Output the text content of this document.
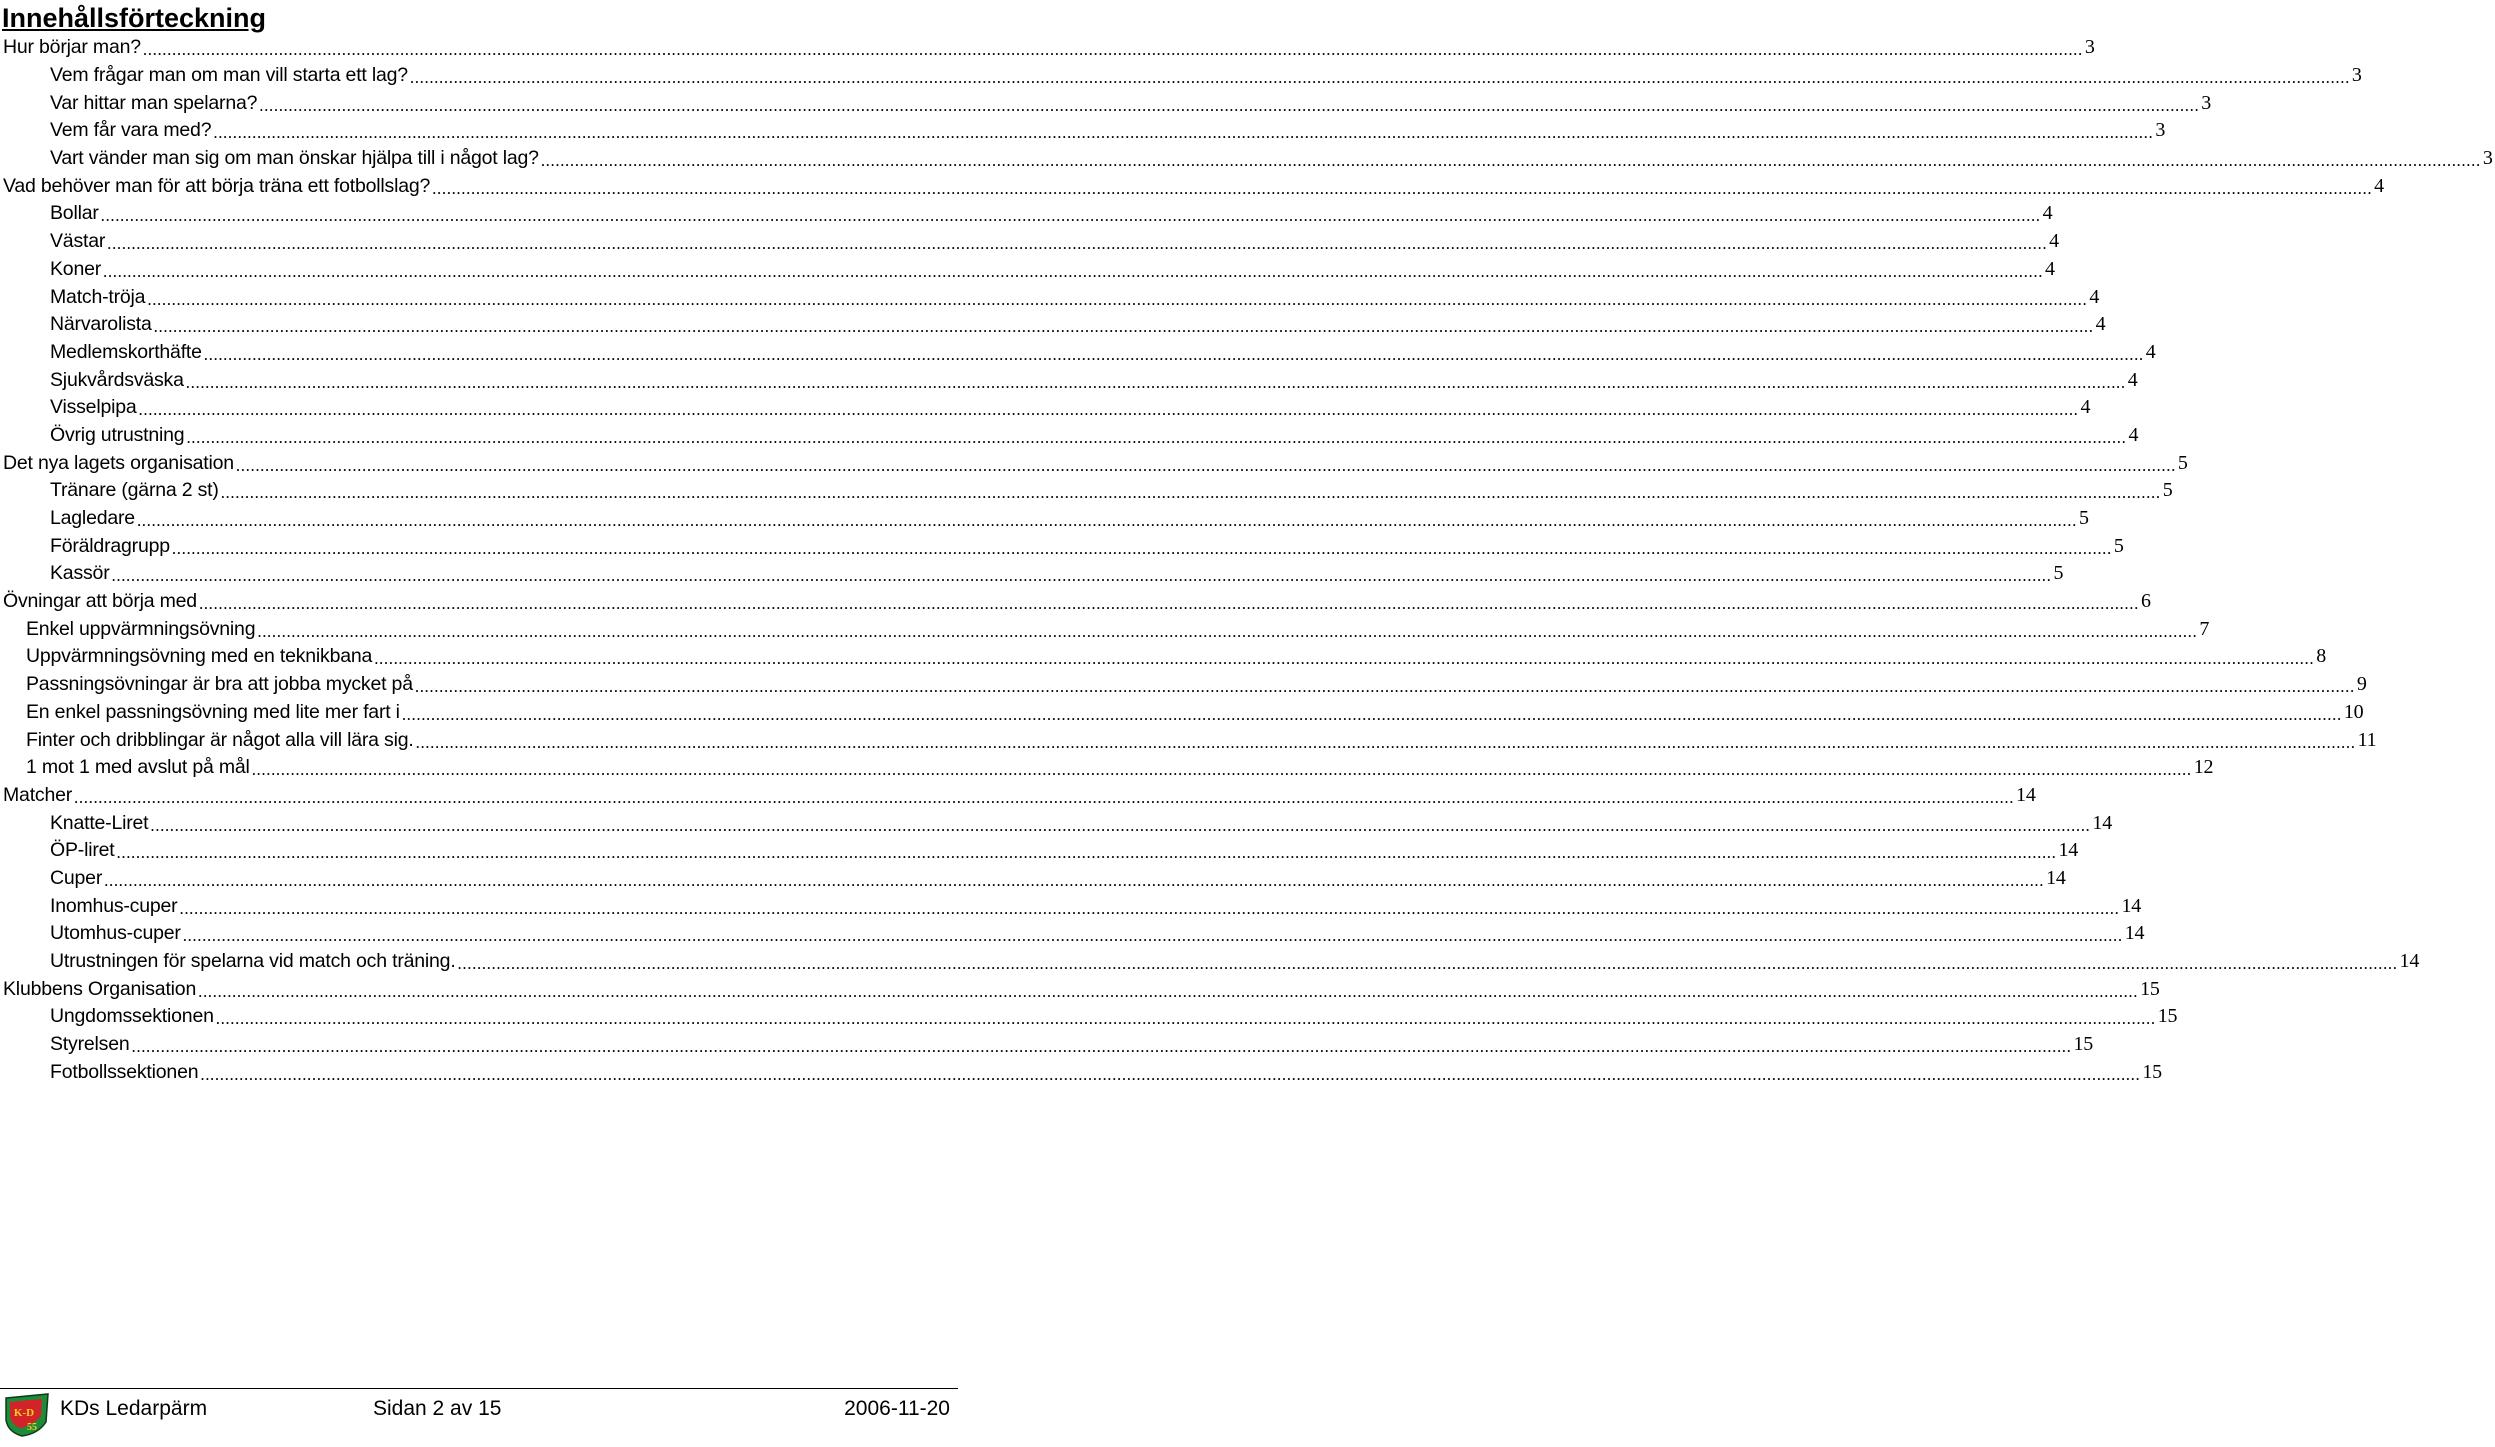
Innehållsförteckning
Hur börjar man? ................................................................................................................................................................................................................................................................................................................................................................................................................ 3
Vem frågar man om man vill starta ett lag? ................................................................................................................................................................................................................................................................................................................................................................................................................ 3
Var hittar man spelarna? ................................................................................................................................................................................................................................................................................................................................................................................................................ 3
Vem får vara med? ................................................................................................................................................................................................................................................................................................................................................................................................................ 3
Vart vänder man sig om man önskar hjälpa till i något lag? ................................................................................................................................................................................................................................................................................................................................................................................................................ 3
Vad behöver man för att börja träna ett fotbollslag? ................................................................................................................................................................................................................................................................................................................................................................................................................ 4
Bollar ................................................................................................................................................................................................................................................................................................................................................................................................................ 4
Västar ................................................................................................................................................................................................................................................................................................................................................................................................................ 4
Koner ................................................................................................................................................................................................................................................................................................................................................................................................................ 4
Match-tröja ................................................................................................................................................................................................................................................................................................................................................................................................................ 4
Närvarolista ................................................................................................................................................................................................................................................................................................................................................................................................................ 4
Medlemskorthäfte ................................................................................................................................................................................................................................................................................................................................................................................................................ 4
Sjukvårdsväska ................................................................................................................................................................................................................................................................................................................................................................................................................ 4
Visselpipa ................................................................................................................................................................................................................................................................................................................................................................................................................ 4
Övrig utrustning ................................................................................................................................................................................................................................................................................................................................................................................................................ 4
Det nya lagets organisation ................................................................................................................................................................................................................................................................................................................................................................................................................ 5
Tränare (gärna 2 st) ................................................................................................................................................................................................................................................................................................................................................................................................................ 5
Lagledare ................................................................................................................................................................................................................................................................................................................................................................................................................ 5
Föräldragrupp ................................................................................................................................................................................................................................................................................................................................................................................................................ 5
Kassör ................................................................................................................................................................................................................................................................................................................................................................................................................ 5
Övningar att börja med ................................................................................................................................................................................................................................................................................................................................................................................................................ 6
Enkel uppvärmningsövning ................................................................................................................................................................................................................................................................................................................................................................................................................ 7
Uppvärmningsövning med en teknikbana ................................................................................................................................................................................................................................................................................................................................................................................................................ 8
Passningsövningar är bra att jobba mycket på ................................................................................................................................................................................................................................................................................................................................................................................................................ 9
En enkel passningsövning med lite mer fart i ................................................................................................................................................................................................................................................................................................................................................................................................................ 10
Finter och dribblingar är något alla vill lära sig. ................................................................................................................................................................................................................................................................................................................................................................................................................ 11
1 mot 1 med avslut på mål ................................................................................................................................................................................................................................................................................................................................................................................................................ 12
Matcher ................................................................................................................................................................................................................................................................................................................................................................................................................ 14
Knatte-Liret ................................................................................................................................................................................................................................................................................................................................................................................................................ 14
ÖP-liret ................................................................................................................................................................................................................................................................................................................................................................................................................ 14
Cuper ................................................................................................................................................................................................................................................................................................................................................................................................................ 14
Inomhus-cuper ................................................................................................................................................................................................................................................................................................................................................................................................................ 14
Utomhus-cuper ................................................................................................................................................................................................................................................................................................................................................................................................................ 14
Utrustningen för spelarna vid match och träning. ................................................................................................................................................................................................................................................................................................................................................................................................................ 14
Klubbens Organisation ................................................................................................................................................................................................................................................................................................................................................................................................................ 15
Ungdomssektionen ................................................................................................................................................................................................................................................................................................................................................................................................................ 15
Styrelsen ................................................................................................................................................................................................................................................................................................................................................................................................................ 15
Fotbollssektionen ................................................................................................................................................................................................................................................................................................................................................................................................................ 15
K-D
55
KDs Ledarpärm	Sidan 2 av 15	2006-11-20
